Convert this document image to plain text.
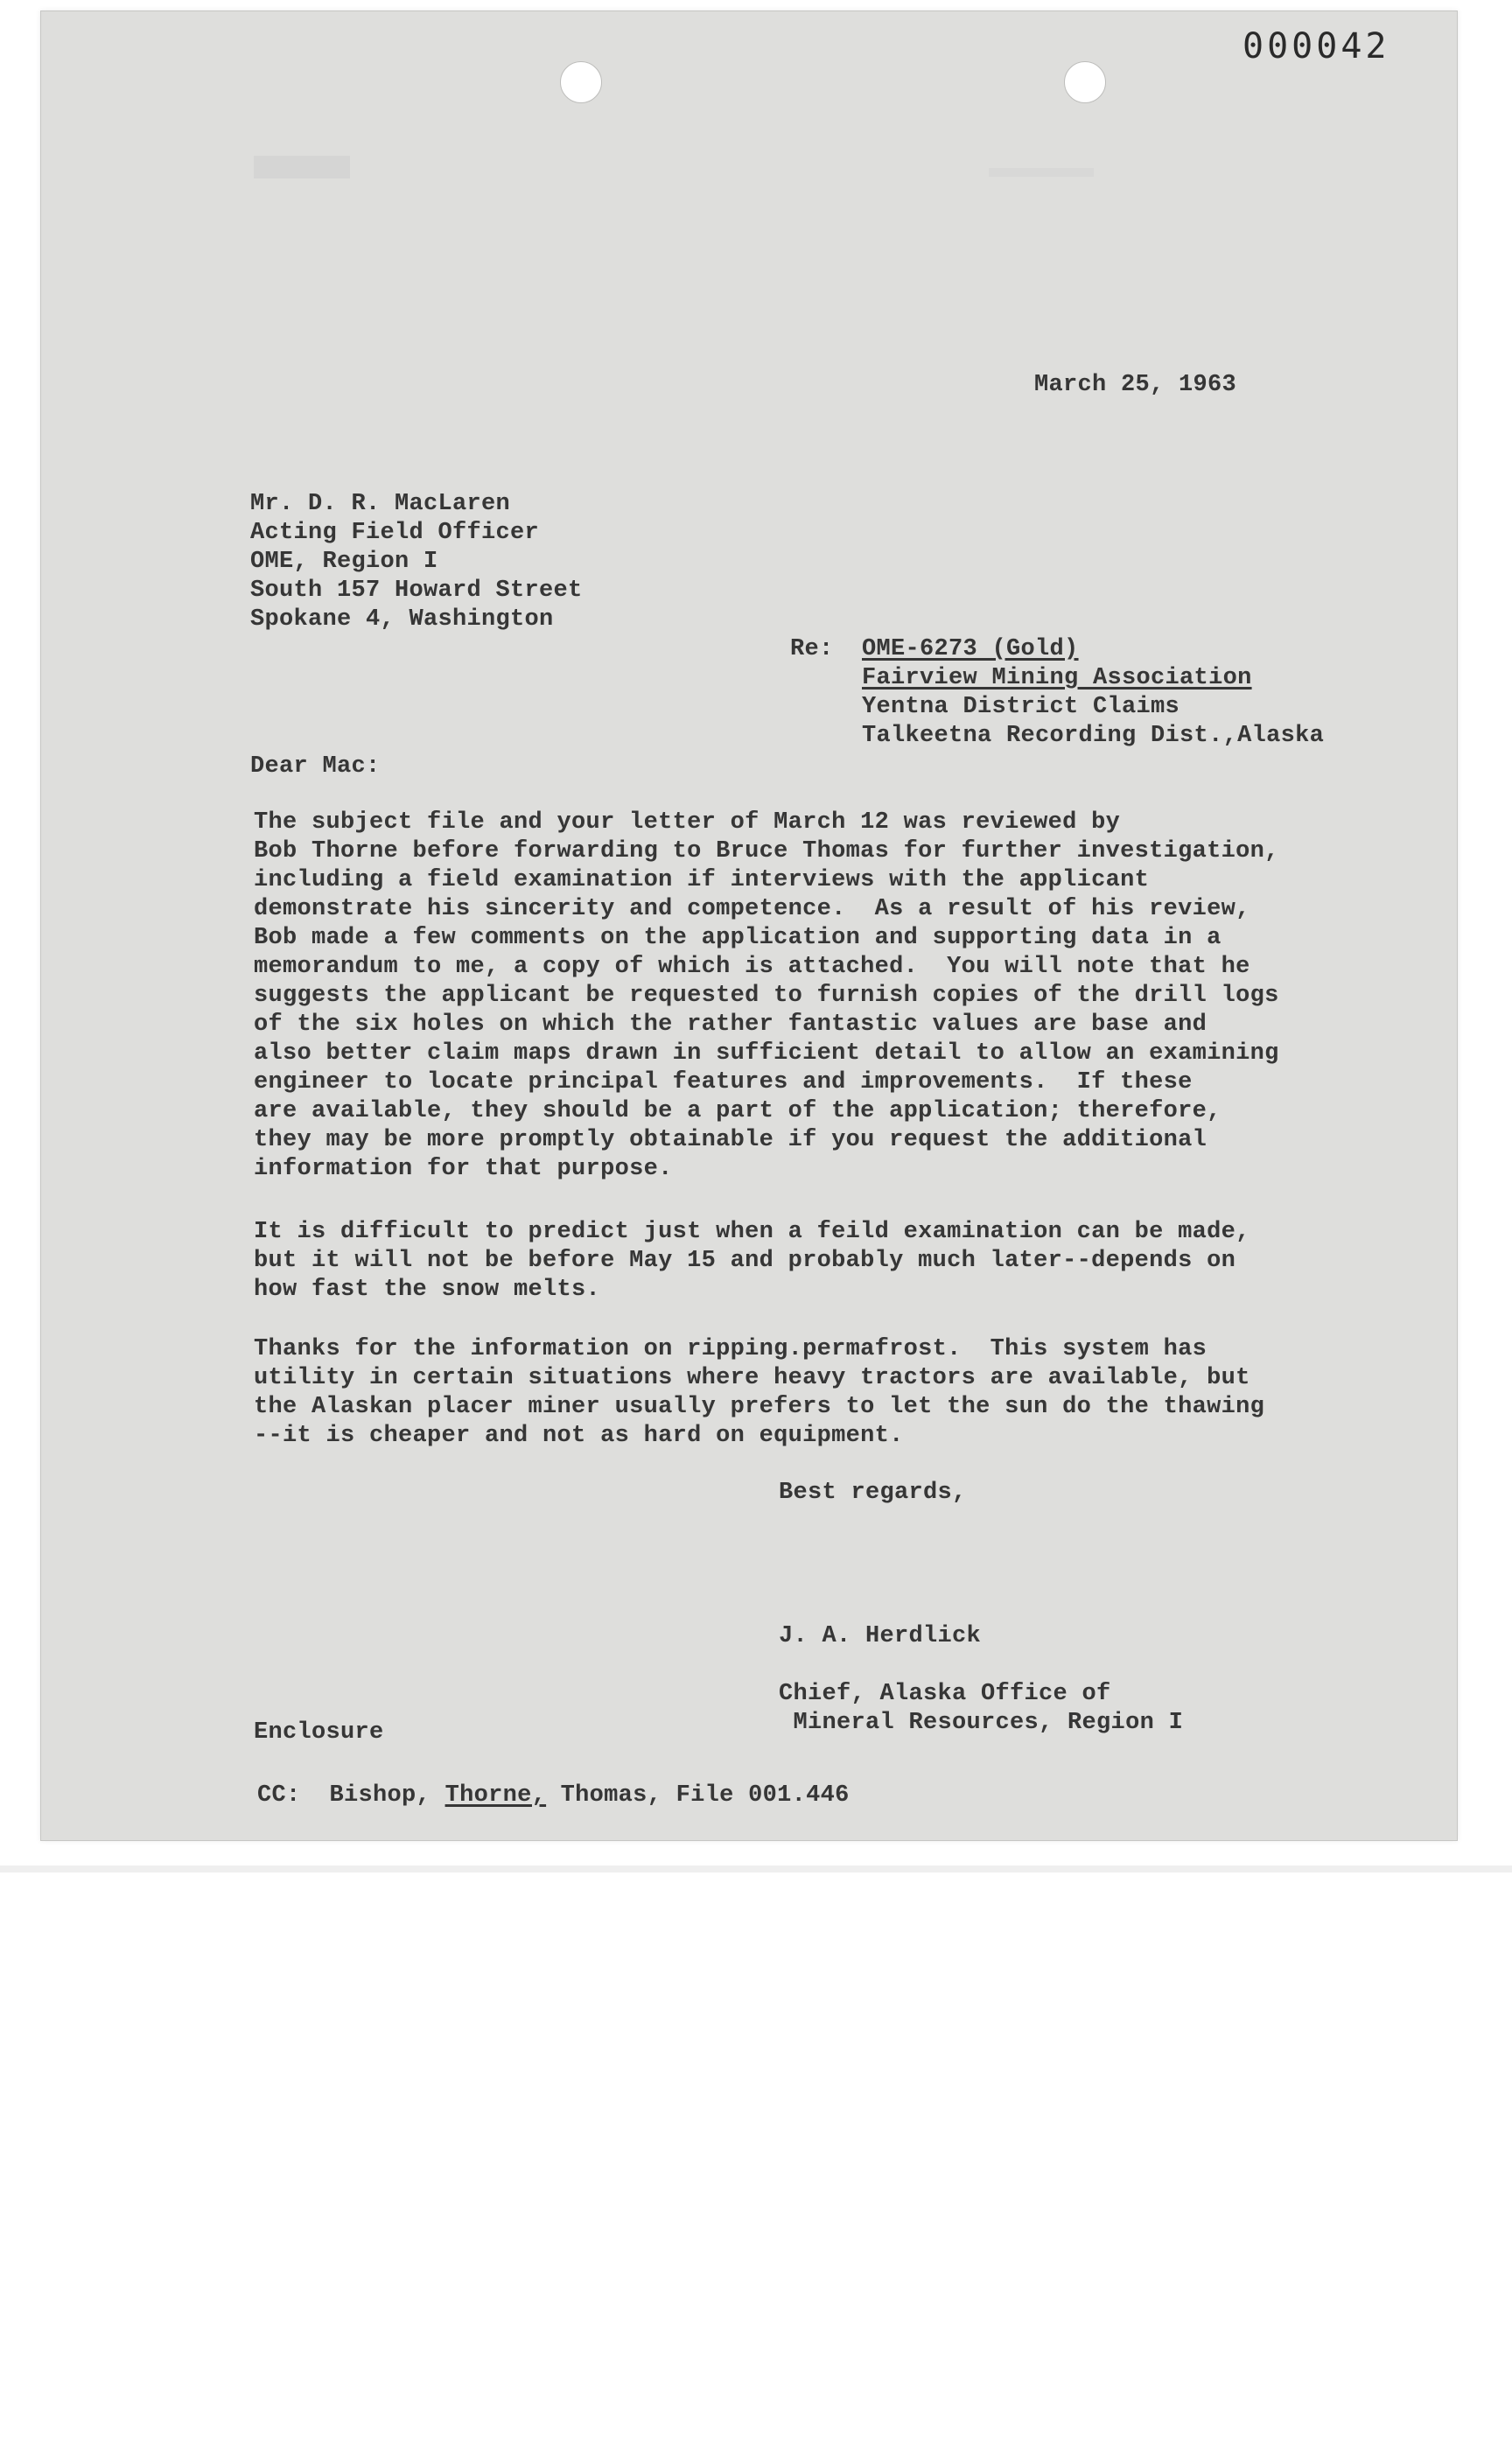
000042
March 25, 1963
Mr. D. R. MacLaren
Acting Field Officer
OME, Region I
South 157 Howard Street
Spokane 4, Washington
Re: OME-6273 (Gold)
Fairview Mining Association
Yentna District Claims
Talkeetna Recording Dist.,Alaska
Dear Mac:
The subject file and your letter of March 12 was reviewed by
Bob Thorne before forwarding to Bruce Thomas for further investigation,
including a field examination if interviews with the applicant
demonstrate his sincerity and competence.  As a result of his review,
Bob made a few comments on the application and supporting data in a
memorandum to me, a copy of which is attached.  You will note that he
suggests the applicant be requested to furnish copies of the drill logs
of the six holes on which the rather fantastic values are base and
also better claim maps drawn in sufficient detail to allow an examining
engineer to locate principal features and improvements.  If these
are available, they should be a part of the application; therefore,
they may be more promptly obtainable if you request the additional
information for that purpose.
It is difficult to predict just when a feild examination can be made,
but it will not be before May 15 and probably much later--depends on
how fast the snow melts.
Thanks for the information on ripping.permafrost.  This system has
utility in certain situations where heavy tractors are available, but
the Alaskan placer miner usually prefers to let the sun do the thawing
--it is cheaper and not as hard on equipment.
Best regards,
J. A. Herdlick

Chief, Alaska Office of
Mineral Resources, Region I
Enclosure
CC: Bishop, Thorne, Thomas, File 001.446
